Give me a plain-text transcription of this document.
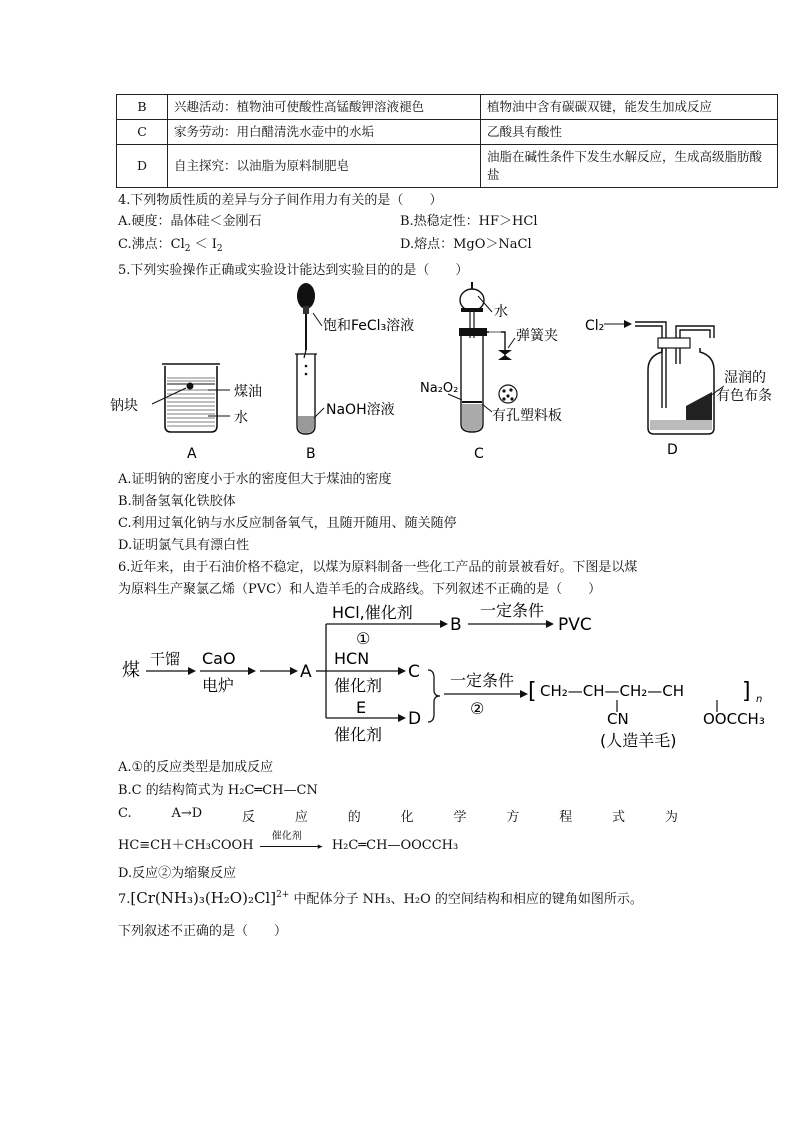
B	兴趣活动：植物油可使酸性高锰酸钾溶液褪色	植物油中含有碳碳双键，能发生加成反应
C	家务劳动：用白醋清洗水壶中的水垢	乙酸具有酸性
D	自主探究：以油脂为原料制肥皂	油脂在碱性条件下发生水解反应，生成高级脂肪酸盐
4.下列物质性质的差异与分子间作用力有关的是（　　）
A.硬度：晶体硅＜金刚石	B.热稳定性：HF＞HCl
C.沸点：$Cl_2 < I_2$	D.熔点：MgO＞NaCl
5.下列实验操作正确或实验设计能达到实验目的的是（　　）
煤油
水
钠块
A
饱和FeCl₃溶液
NaOH溶液
B
水
弹簧夹
Na₂O₂
有孔塑料板
C
Cl₂
湿润的
有色布条
D
A.证明钠的密度小于水的密度但大于煤油的密度
B.制备氢氧化铁胶体
C.利用过氧化钠与水反应制备氧气，且随开随用、随关随停
D.证明氯气具有漂白性
6.近年来，由于石油价格不稳定，以煤为原料制备一些化工产品的前景被看好。下图是以煤
为原料生产聚氯乙烯（PVC）和人造羊毛的合成路线。下列叙述不正确的是（　　）
煤
干馏 CaO
电炉
A
HCl,催化剂
①
B
一定条件
PVC
HCN
催化剂
C
E
催化剂
D
一定条件
②
[ CH₂—CH—CH₂—CH	] n
CN	OOCCH₃
(人造羊毛)
A.①的反应类型是加成反应
B.C 的结构简式为 H₂C═CH—CN
C.	A→D	反	应	的	化	学	方	程	式	为
HC≡CH＋CH₃COOH
催化剂
▸ H₂C═CH—OOCCH₃
D.反应②为缩聚反应
$7.[Cr(NH_3)_3(H_2O)_2Cl]^{2+}$ 中配体分子 NH₃、H₂O 的空间结构和相应的键角如图所示。
下列叙述不正确的是（　　）
